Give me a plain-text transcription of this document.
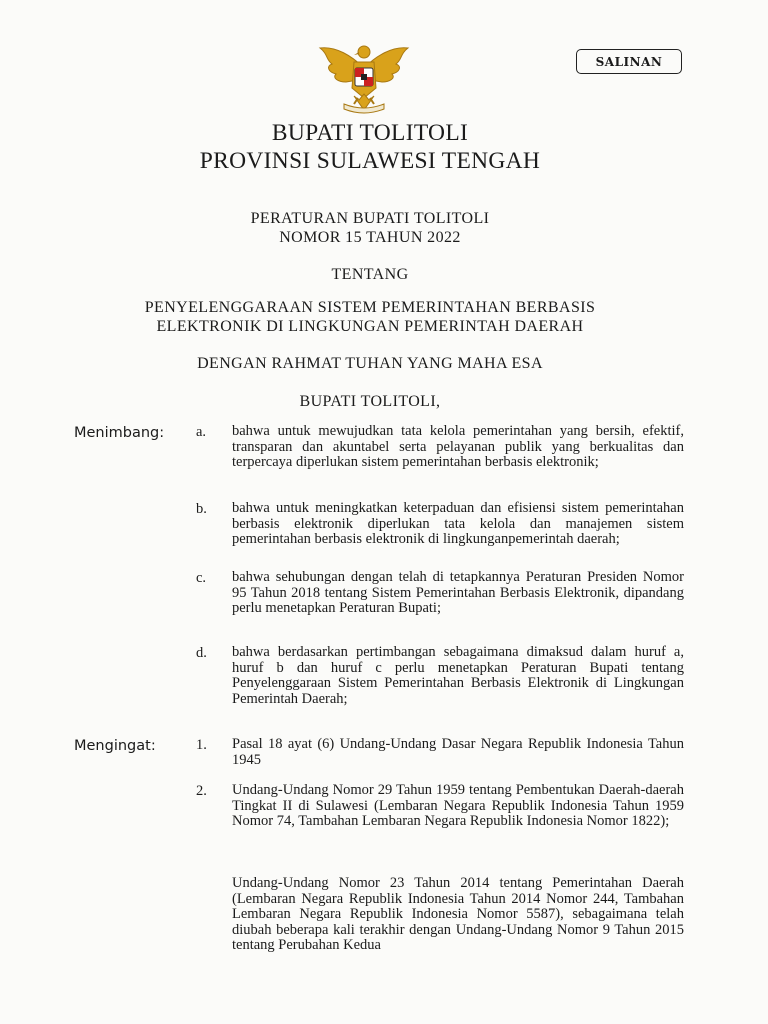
SALINAN
BUPATI TOLITOLI
PROVINSI SULAWESI TENGAH
PERATURAN BUPATI TOLITOLI
NOMOR 15 TAHUN 2022
TENTANG
PENYELENGGARAAN SISTEM PEMERINTAHAN BERBASIS
ELEKTRONIK DI LINGKUNGAN PEMERINTAH DAERAH
DENGAN RAHMAT TUHAN YANG MAHA ESA
BUPATI TOLITOLI,
Menimbang: a. bahwa untuk mewujudkan tata kelola pemerintahan yang bersih, efektif, transparan dan akuntabel serta pelayanan publik yang berkualitas dan terpercaya diperlukan sistem pemerintahan berbasis elektronik;
b. bahwa untuk meningkatkan keterpaduan dan efisiensi sistem pemerintahan berbasis elektronik diperlukan tata kelola dan manajemen sistem pemerintahan berbasis elektronik di lingkunganpemerintah daerah;
c. bahwa sehubungan dengan telah di tetapkannya Peraturan Presiden Nomor 95 Tahun 2018 tentang Sistem Pemerintahan Berbasis Elektronik, dipandang perlu menetapkan Peraturan Bupati;
d. bahwa berdasarkan pertimbangan sebagaimana dimaksud dalam huruf a, huruf b dan huruf c perlu menetapkan Peraturan Bupati tentang Penyelenggaraan Sistem Pemerintahan Berbasis Elektronik di Lingkungan Pemerintah Daerah;
Mengingat:	1. Pasal 18 ayat (6) Undang-Undang Dasar Negara Republik Indonesia Tahun 1945
2. Undang-Undang Nomor 29 Tahun 1959 tentang Pembentukan Daerah-daerah Tingkat II di Sulawesi (Lembaran Negara Republik Indonesia Tahun 1959 Nomor 74, Tambahan Lembaran Negara Republik Indonesia Nomor 1822);
Undang-Undang Nomor 23 Tahun 2014 tentang Pemerintahan Daerah (Lembaran Negara Republik Indonesia Tahun 2014 Nomor 244, Tambahan Lembaran Negara Republik Indonesia Nomor 5587), sebagaimana telah diubah beberapa kali terakhir dengan Undang-Undang Nomor 9 Tahun 2015 tentang Perubahan Kedua
